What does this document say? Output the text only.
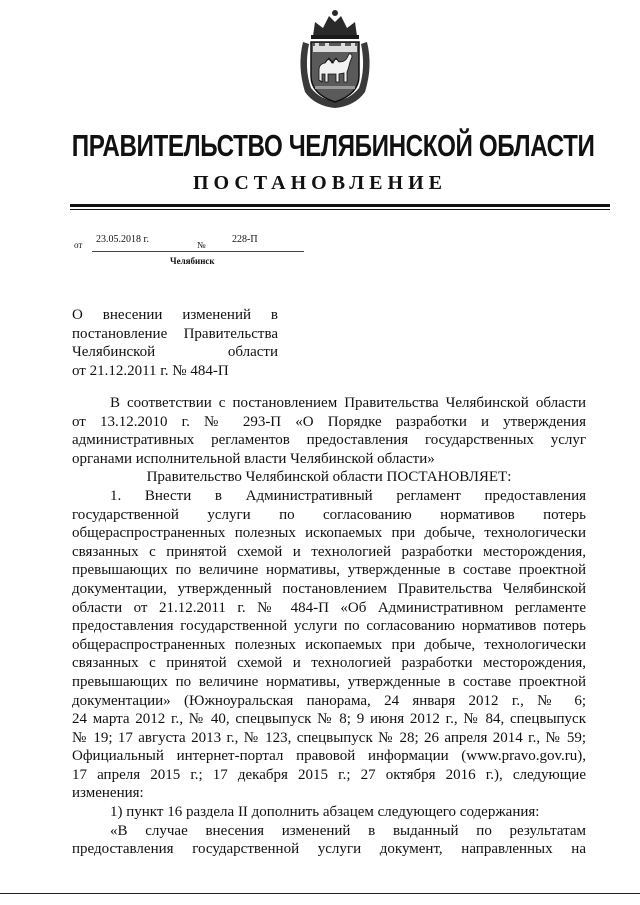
ПРАВИТЕЛЬСТВО ЧЕЛЯБИНСКОЙ ОБЛАСТИ
ПОСТАНОВЛЕНИЕ
от 23.05.2018 г.	№	228-П
Челябинск
О внесении изменений в
постановление Правительства
Челябинской области
от 21.12.2011 г. № 484-П
В соответствии с постановлением Правительства Челябинской области
от 13.12.2010 г. № 293-П «О Порядке разработки и утверждения
административных регламентов предоставления государственных услуг
органами исполнительной власти Челябинской области»
Правительство Челябинской области ПОСТАНОВЛЯЕТ:
1. Внести в Административный регламент предоставления
государственной услуги по согласованию нормативов потерь
общераспространенных полезных ископаемых при добыче, технологически
связанных с принятой схемой и технологией разработки месторождения,
превышающих по величине нормативы, утвержденные в составе проектной
документации, утвержденный постановлением Правительства Челябинской
области от 21.12.2011 г. № 484-П «Об Административном регламенте
предоставления государственной услуги по согласованию нормативов потерь
общераспространенных полезных ископаемых при добыче, технологически
связанных с принятой схемой и технологией разработки месторождения,
превышающих по величине нормативы, утвержденные в составе проектной
документации» (Южноуральская панорама, 24 января 2012 г., № 6;
24 марта 2012 г., № 40, спецвыпуск № 8; 9 июня 2012 г., № 84, спецвыпуск
№ 19; 17 августа 2013 г., № 123, спецвыпуск № 28; 26 апреля 2014 г., № 59;
Официальный интернет-портал правовой информации (www.pravo.gov.ru),
17 апреля 2015 г.; 17 декабря 2015 г.; 27 октября 2016 г.), следующие
изменения:
1) пункт 16 раздела II дополнить абзацем следующего содержания:
«В случае внесения изменений в выданный по результатам
предоставления государственной услуги документ, направленных на
